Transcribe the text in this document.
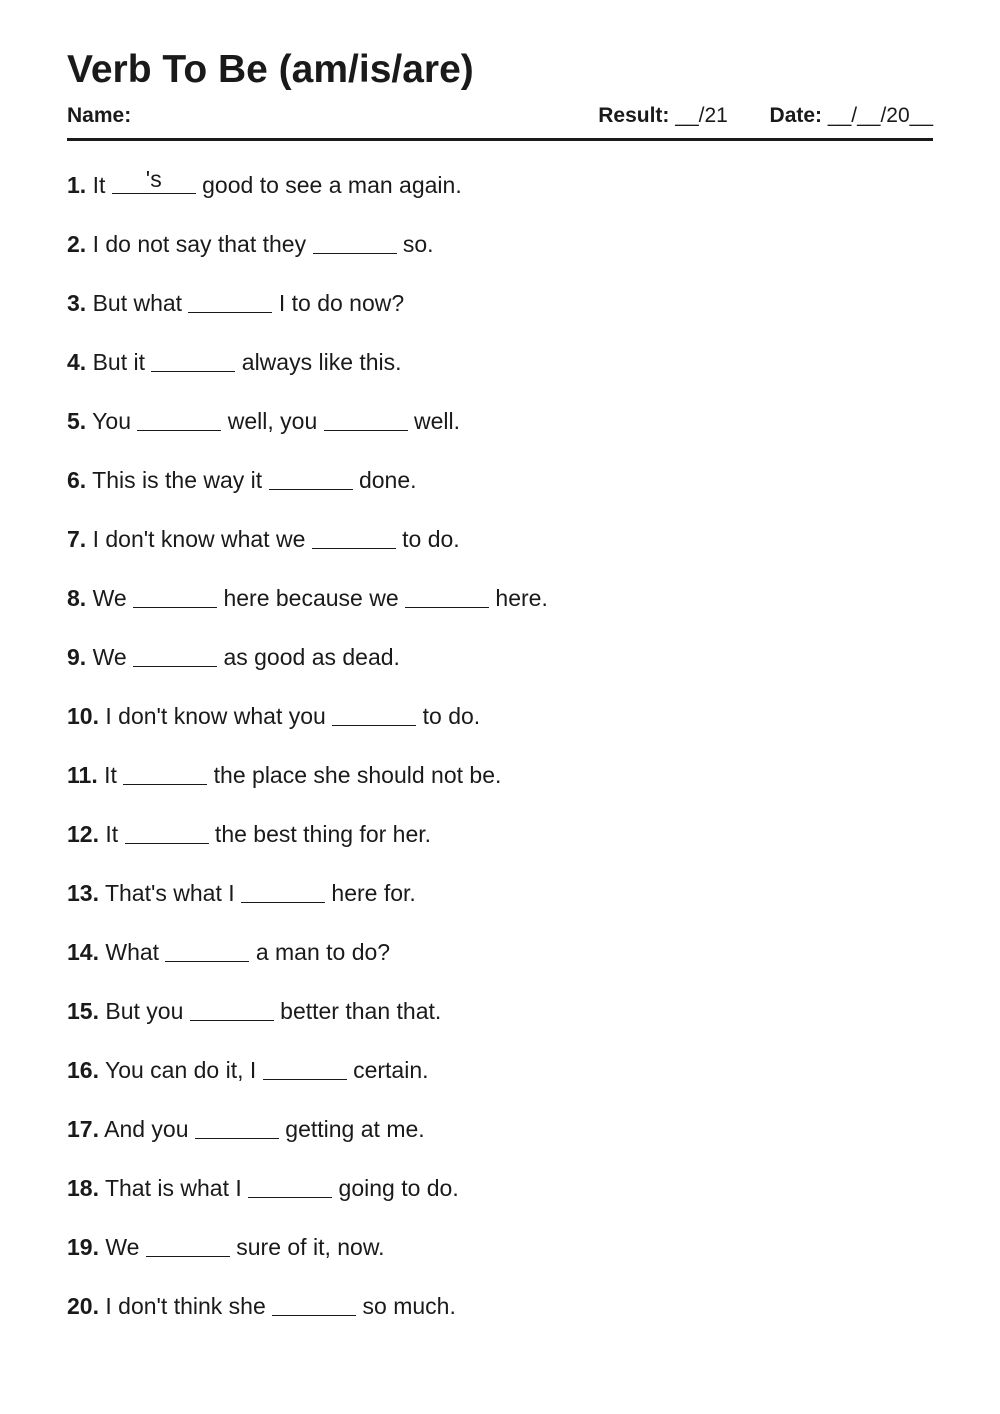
Verb To Be (am/is/are)
Name:	Result: __/21 Date: __/__/20__
1. It 's good to see a man again.
2. I do not say that they	so.
3. But what	I to do now?
4. But it	always like this.
5. You	well, you	well.
6. This is the way it	done.
7. I don't know what we	to do.
8. We	here because we	here.
9. We	as good as dead.
10. I don't know what you	to do.
11. It	the place she should not be.
12. It	the best thing for her.
13. That's what I	here for.
14. What	a man to do?
15. But you	better than that.
16. You can do it, I	certain.
17. And you	getting at me.
18. That is what I	going to do.
19. We	sure of it, now.
20. I don't think she	so much.
